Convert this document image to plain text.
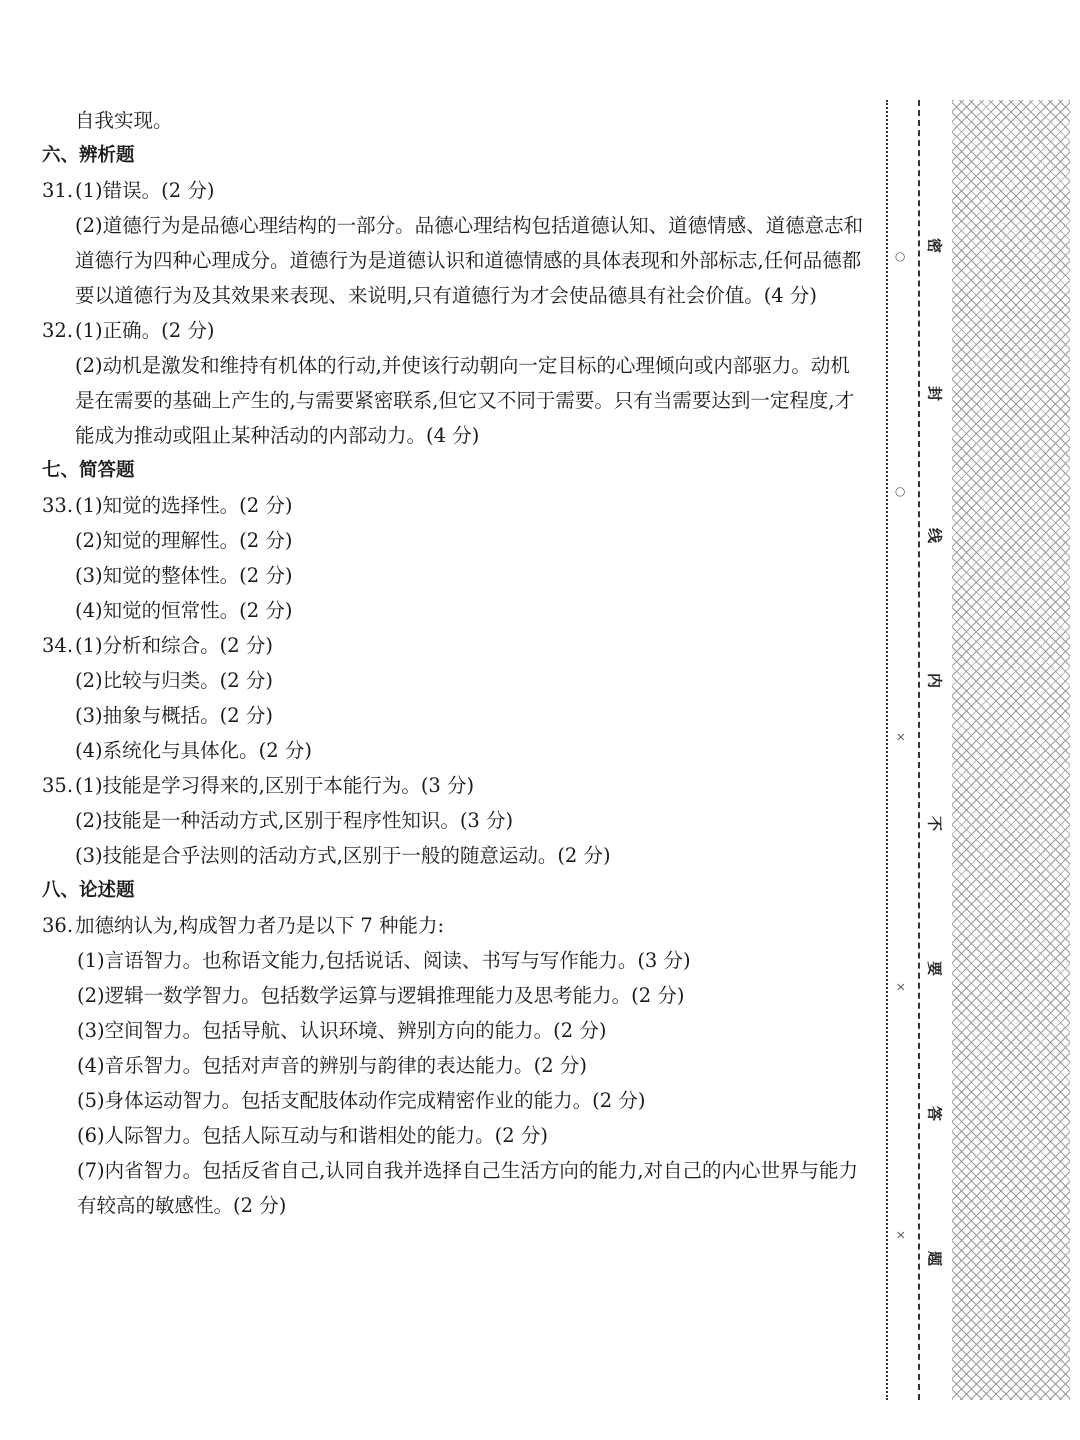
自我实现。
六、辨析题
31. (1)错误。(2 分)
(2)道德行为是品德心理结构的一部分。品德心理结构包括道德认知、道德情感、道德意志和道德行为四种心理成分。道德行为是道德认识和道德情感的具体表现和外部标志,任何品德都要以道德行为及其效果来表现、来说明,只有道德行为才会使品德具有社会价值。(4 分)
32. (1)正确。(2 分)
(2)动机是激发和维持有机体的行动,并使该行动朝向一定目标的心理倾向或内部驱力。动机是在需要的基础上产生的,与需要紧密联系,但它又不同于需要。只有当需要达到一定程度,才能成为推动或阻止某种活动的内部动力。(4 分)
七、简答题
33. (1)知觉的选择性。(2 分)
(2)知觉的理解性。(2 分)
(3)知觉的整体性。(2 分)
(4)知觉的恒常性。(2 分)
34. (1)分析和综合。(2 分)
(2)比较与归类。(2 分)
(3)抽象与概括。(2 分)
(4)系统化与具体化。(2 分)
35. (1)技能是学习得来的,区别于本能行为。(3 分)
(2)技能是一种活动方式,区别于程序性知识。(3 分)
(3)技能是合乎法则的活动方式,区别于一般的随意运动。(2 分)
八、论述题
36. 加德纳认为,构成智力者乃是以下 7 种能力:
(1)言语智力。也称语文能力,包括说话、阅读、书写与写作能力。(3 分)
(2)逻辑一数学智力。包括数学运算与逻辑推理能力及思考能力。(2 分)
(3)空间智力。包括导航、认识环境、辨别方向的能力。(2 分)
(4)音乐智力。包括对声音的辨别与韵律的表达能力。(2 分)
(5)身体运动智力。包括支配肢体动作完成精密作业的能力。(2 分)
(6)人际智力。包括人际互动与和谐相处的能力。(2 分)
(7)内省智力。包括反省自己,认同自我并选择自己生活方向的能力,对自己的内心世界与能力有较高的敏感性。(2 分)
○
○
×
×
×
密
封
线
内
不
要
答
题
